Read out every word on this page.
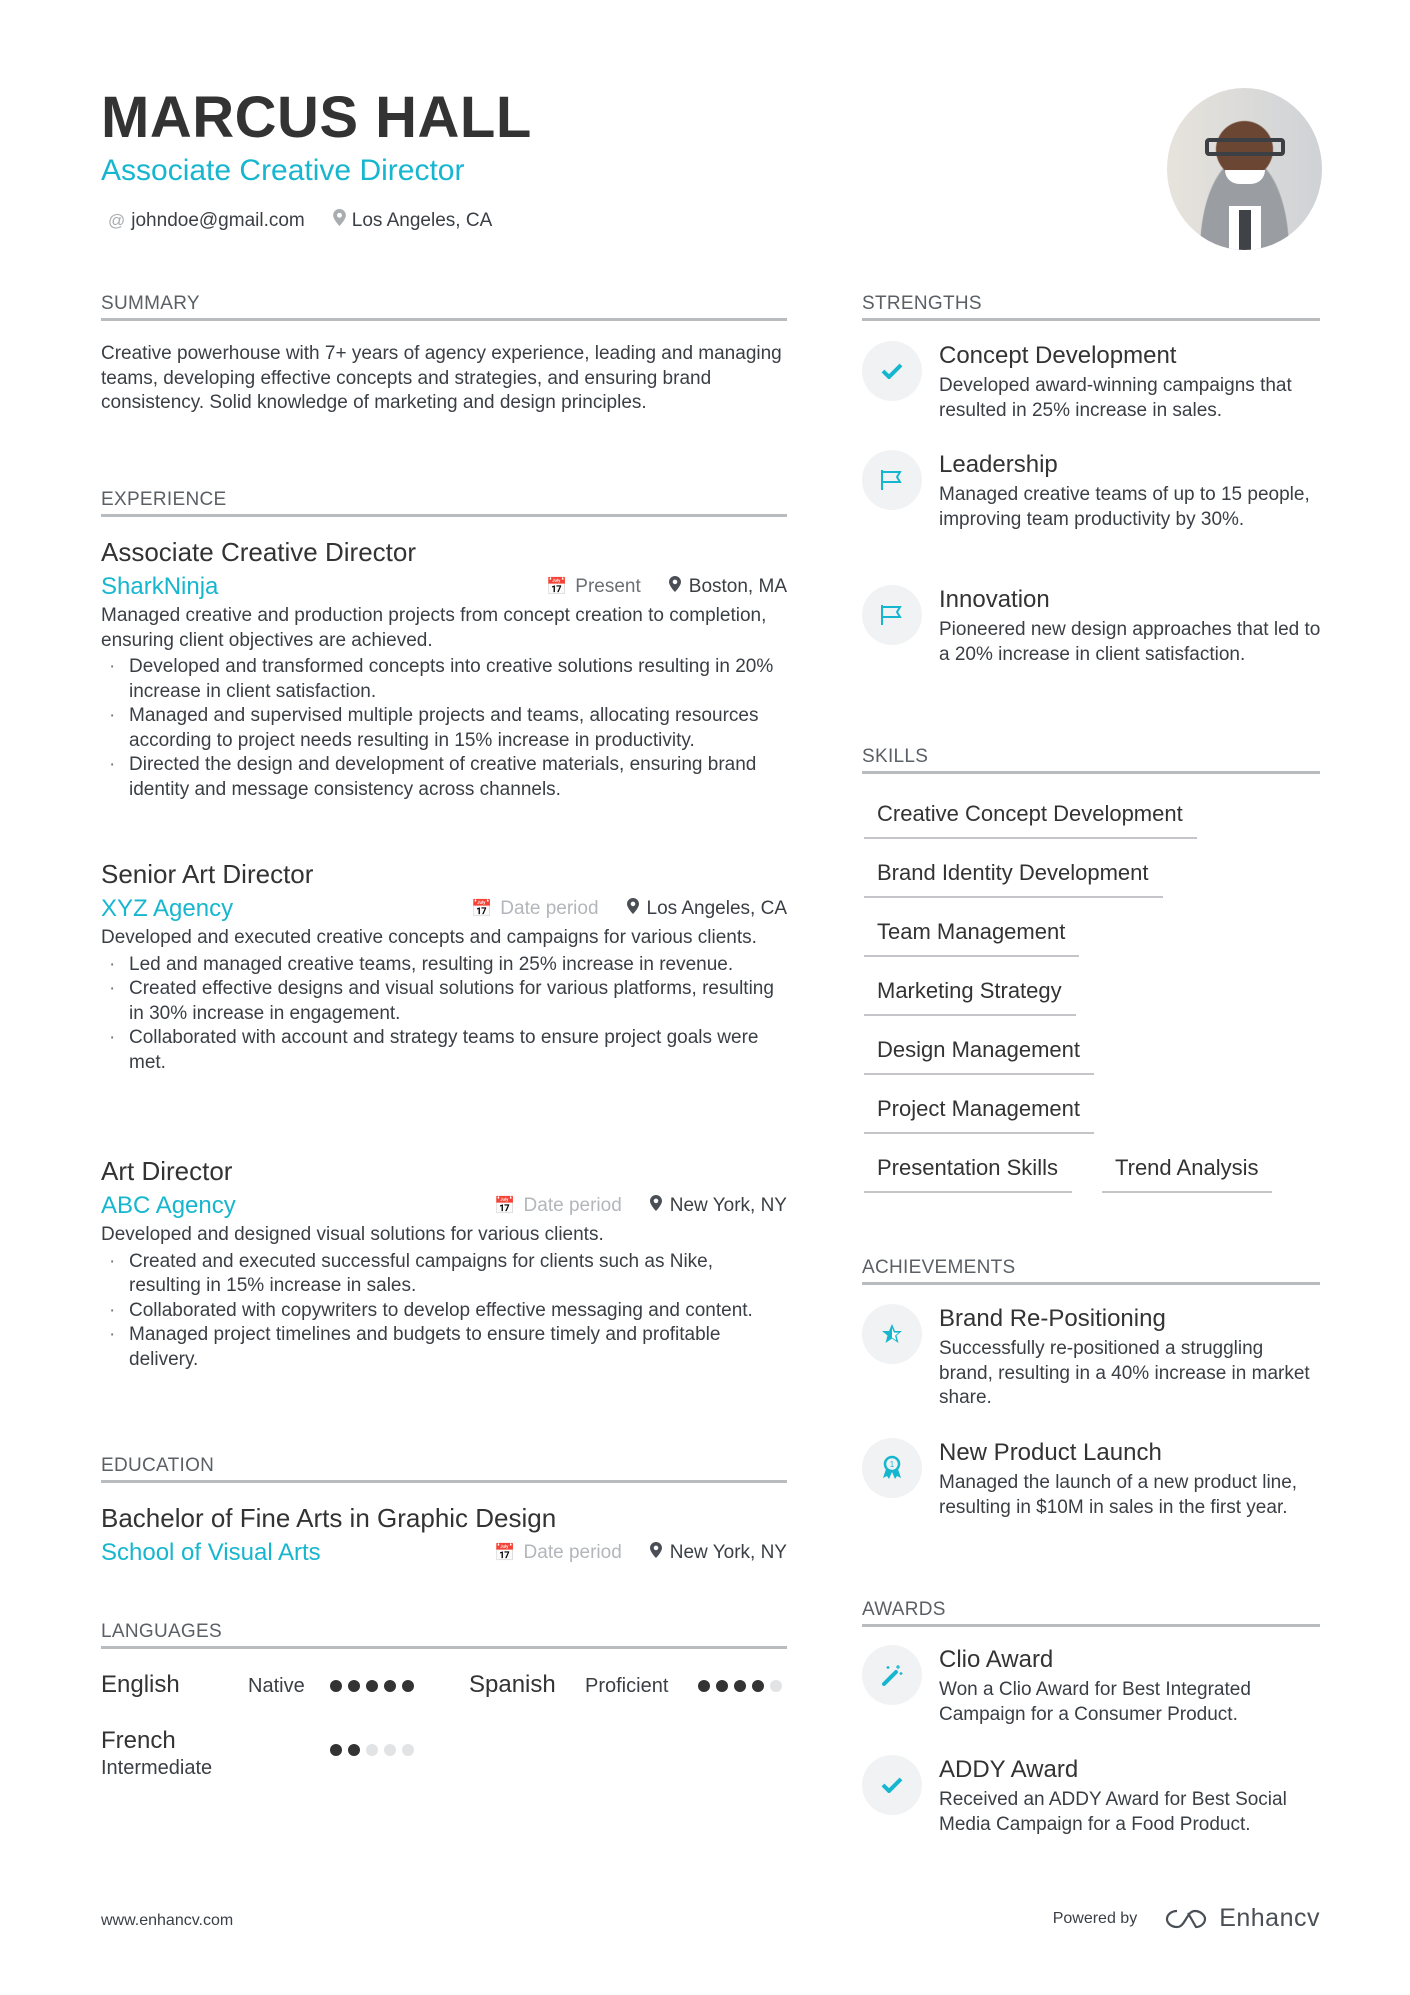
MARCUS HALL
Associate Creative Director
@ johndoe@gmail.com Los Angeles, CA
SUMMARY
Creative powerhouse with 7+ years of agency experience, leading and managing teams, developing effective concepts and strategies, and ensuring brand consistency. Solid knowledge of marketing and design principles.
EXPERIENCE
Associate Creative Director
SharkNinja	📅 Present	Boston, MA
Managed creative and production projects from concept creation to completion, ensuring client objectives are achieved.
· Developed and transformed concepts into creative solutions resulting in 20% increase in client satisfaction.
· Managed and supervised multiple projects and teams, allocating resources according to project needs resulting in 15% increase in productivity.
· Directed the design and development of creative materials, ensuring brand identity and message consistency across channels.
Senior Art Director
XYZ Agency	📅 Date period	Los Angeles, CA
Developed and executed creative concepts and campaigns for various clients.
· Led and managed creative teams, resulting in 25% increase in revenue.
· Created effective designs and visual solutions for various platforms, resulting in 30% increase in engagement.
· Collaborated with account and strategy teams to ensure project goals were met.
Art Director
ABC Agency	📅 Date period	New York, NY
Developed and designed visual solutions for various clients.
· Created and executed successful campaigns for clients such as Nike, resulting in 15% increase in sales.
· Collaborated with copywriters to develop effective messaging and content.
· Managed project timelines and budgets to ensure timely and profitable delivery.
EDUCATION
Bachelor of Fine Arts in Graphic Design
School of Visual Arts	📅 Date period	New York, NY
LANGUAGES
English	Native	Spanish Proficient
French
Intermediate
STRENGTHS
Concept Development
Developed award-winning campaigns that resulted in 25% increase in sales.
Leadership
Managed creative teams of up to 15 people, improving team productivity by 30%.
Innovation
Pioneered new design approaches that led to a 20% increase in client satisfaction.
SKILLS
Creative Concept Development
Brand Identity Development
Team Management
Marketing Strategy
Design Management
Project Management
Presentation Skills	Trend Analysis
ACHIEVEMENTS
Brand Re-Positioning
Successfully re-positioned a struggling brand, resulting in a 40% increase in market share.
1 New Product Launch
Managed the launch of a new product line, resulting in $10M in sales in the first year.
AWARDS
Clio Award
Won a Clio Award for Best Integrated Campaign for a Consumer Product.
ADDY Award
Received an ADDY Award for Best Social Media Campaign for a Food Product.
www.enhancv.com	Powered by	Enhancv
